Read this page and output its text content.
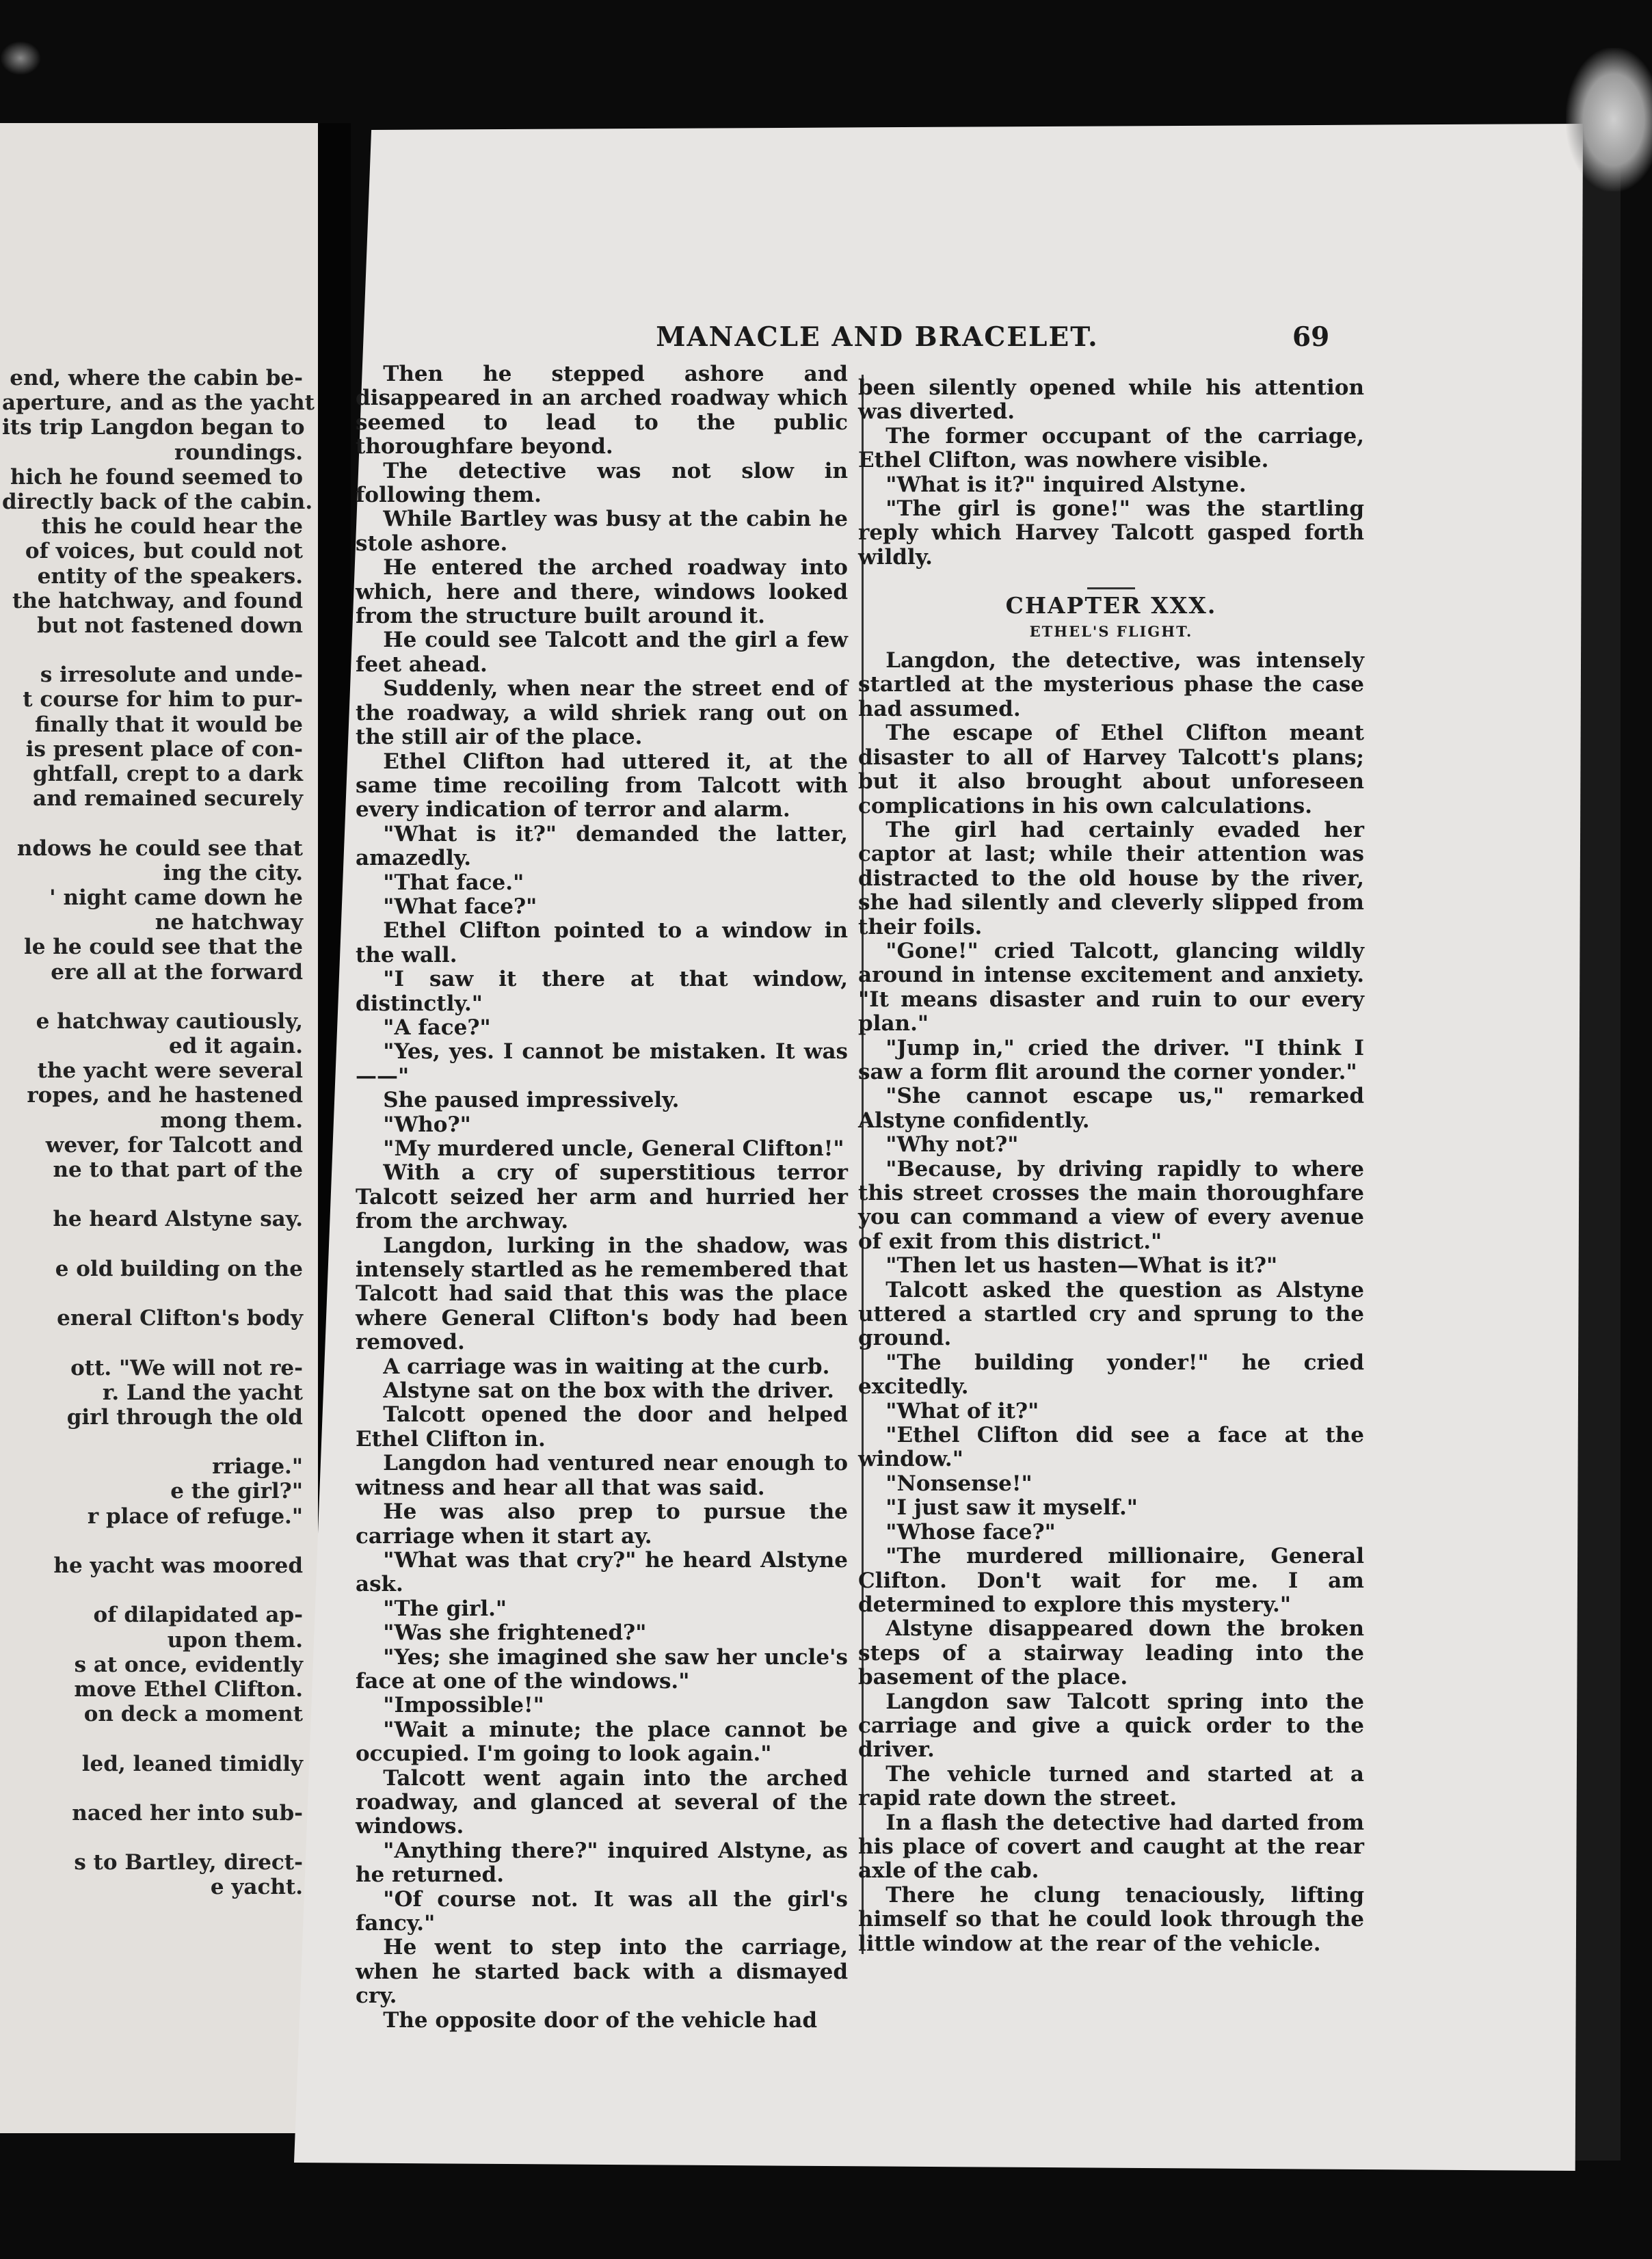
end, where the cabin be-
aperture, and as the yacht
its trip Langdon began to
roundings.
hich he found seemed to
directly back of the cabin.
this he could hear the
of voices, but could not
entity of the speakers.
the hatchway, and found
but not fastened down
s irresolute and unde-
t course for him to pur-
finally that it would be
is present place of con-
ghtfall, crept to a dark
and remained securely
ndows he could see that
ing the city.
' night came down he
ne hatchway
le he could see that the
ere all at the forward
e hatchway cautiously,
ed it again.
the yacht were several
ropes, and he hastened
mong them.
wever, for Talcott and
ne to that part of the
he heard Alstyne say.
e old building on the
eneral Clifton's body
ott. "We will not re-
r. Land the yacht
girl through the old
rriage."
e the girl?"
r place of refuge."
he yacht was moored
of dilapidated ap-
upon them.
s at once, evidently
move Ethel Clifton.
on deck a moment
led, leaned timidly
naced her into sub-
s to Bartley, direct-
e yacht.
MANACLE AND BRACELET.	69

Then he stepped ashore and disappeared in an arched roadway which seemed to lead to the public thoroughfare beyond.

The detective was not slow in following them.

While Bartley was busy at the cabin he stole ashore.

He entered the arched roadway into which, here and there, windows looked from the structure built around it.

He could see Talcott and the girl a few feet ahead.

Suddenly, when near the street end of the roadway, a wild shriek rang out on the still air of the place.

Ethel Clifton had uttered it, at the same time recoiling from Talcott with every indication of terror and alarm.

"What is it?" demanded the latter, amazedly.

"That face."

"What face?"

Ethel Clifton pointed to a window in the wall.

"I saw it there at that window, distinctly."

"A face?"

"Yes, yes. I cannot be mistaken. It was——"

She paused impressively.

"Who?"

"My murdered uncle, General Clifton!"

With a cry of superstitious terror Talcott seized her arm and hurried her from the archway.

Langdon, lurking in the shadow, was intensely startled as he remembered that Talcott had said that this was the place where General Clifton's body had been removed.

A carriage was in waiting at the curb.

Alstyne sat on the box with the driver.

Talcott opened the door and helped Ethel Clifton in.

Langdon had ventured near enough to witness and hear all that was said.

He was also prep to pursue the carriage when it start ay.

"What was that cry?" he heard Alstyne ask.

"The girl."

"Was she frightened?"

"Yes; she imagined she saw her uncle's face at one of the windows."

"Impossible!"

"Wait a minute; the place cannot be occupied. I'm going to look again."

Talcott went again into the arched roadway, and glanced at several of the windows.

"Anything there?" inquired Alstyne, as he returned.

"Of course not. It was all the girl's fancy."

He went to step into the carriage, when he started back with a dismayed cry.

The opposite door of the vehicle had

been silently opened while his attention was diverted.

The former occupant of the carriage, Ethel Clifton, was nowhere visible.

"What is it?" inquired Alstyne.

"The girl is gone!" was the startling reply which Harvey Talcott gasped forth wildly.

CHAPTER XXX.

ETHEL'S FLIGHT.

Langdon, the detective, was intensely startled at the mysterious phase the case had assumed.

The escape of Ethel Clifton meant disaster to all of Harvey Talcott's plans; but it also brought about unforeseen complications in his own calculations.

The girl had certainly evaded her captor at last; while their attention was distracted to the old house by the river, she had silently and cleverly slipped from their foils.

"Gone!" cried Talcott, glancing wildly around in intense excitement and anxiety. "It means disaster and ruin to our every plan."

"Jump in," cried the driver. "I think I saw a form flit around the corner yonder."

"She cannot escape us," remarked Alstyne confidently.

"Why not?"

"Because, by driving rapidly to where this street crosses the main thoroughfare you can command a view of every avenue of exit from this district."

"Then let us hasten—What is it?"

Talcott asked the question as Alstyne uttered a startled cry and sprung to the ground.

"The building yonder!" he cried excitedly.

"What of it?"

"Ethel Clifton did see a face at the window."

"Nonsense!"

"I just saw it myself."

"Whose face?"

"The murdered millionaire, General Clifton. Don't wait for me. I am determined to explore this mystery."

Alstyne disappeared down the broken steps of a stairway leading into the basement of the place.

Langdon saw Talcott spring into the carriage and give a quick order to the driver.

The vehicle turned and started at a rapid rate down the street.

In a flash the detective had darted from his place of covert and caught at the rear axle of the cab.

There he clung tenaciously, lifting himself so that he could look through the little window at the rear of the vehicle.
